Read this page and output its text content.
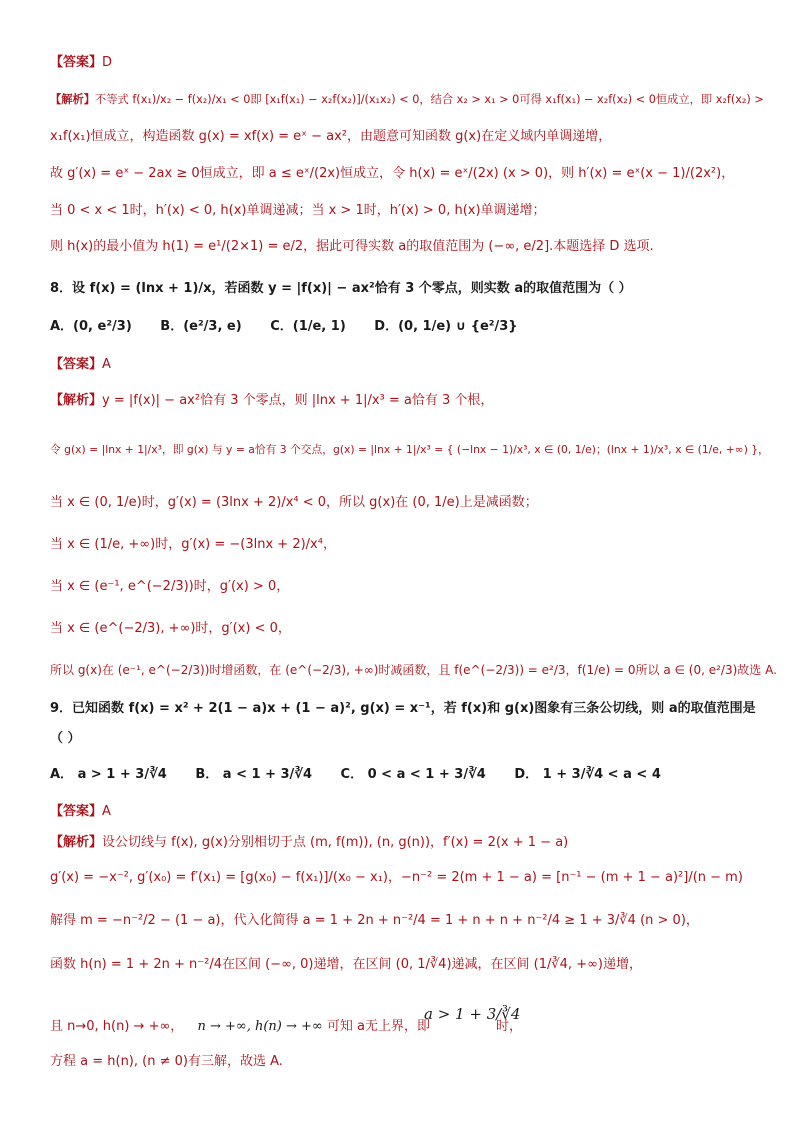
【答案】D
【解析】不等式 f(x₁)/x₂ − f(x₂)/x₁ < 0即 [x₁f(x₁) − x₂f(x₂)]/(x₁x₂) < 0，结合 x₂ > x₁ > 0可得 x₁f(x₁) − x₂f(x₂) < 0恒成立，即 x₂f(x₂) >
x₁f(x₁)恒成立，构造函数 g(x) = xf(x) = eˣ − ax²，由题意可知函数 g(x)在定义域内单调递增，
故 g′(x) = eˣ − 2ax ≥ 0恒成立，即 a ≤ eˣ/(2x)恒成立，令 h(x) = eˣ/(2x) (x > 0)，则 h′(x) = eˣ(x − 1)/(2x²)，
当 0 < x < 1时，h′(x) < 0, h(x)单调递减；当 x > 1时，h′(x) > 0, h(x)单调递增；
则 h(x)的最小值为 h(1) = e¹/(2×1) = e/2，据此可得实数 a的取值范围为 (−∞, e/2].本题选择 D 选项.
8．设 f(x) = (lnx + 1)/x，若函数 y = |f(x)| − ax²恰有 3 个零点，则实数 a的取值范围为（ ）
A．(0, e²/3) B．(e²/3, e) C．(1/e, 1) D．(0, 1/e) ∪ {e²/3}
【答案】A
【解析】y = |f(x)| − ax²恰有 3 个零点，则 |lnx + 1|/x³ = a恰有 3 个根，
令 g(x) = |lnx + 1|/x³，即 g(x) 与 y = a恰有 3 个交点，g(x) = |lnx + 1|/x³ = { (−lnx − 1)/x³, x ∈ (0, 1/e)；(lnx + 1)/x³, x ∈ (1/e, +∞) }，
当 x ∈ (0, 1/e)时，g′(x) = (3lnx + 2)/x⁴ < 0，所以 g(x)在 (0, 1/e)上是减函数；
当 x ∈ (1/e, +∞)时，g′(x) = −(3lnx + 2)/x⁴，
当 x ∈ (e⁻¹, e^(−2/3))时，g′(x) > 0，
当 x ∈ (e^(−2/3), +∞)时，g′(x) < 0，
所以 g(x)在 (e⁻¹, e^(−2/3))时增函数，在 (e^(−2/3), +∞)时减函数，且 f(e^(−2/3)) = e²/3，f(1/e) = 0所以 a ∈ (0, e²/3)故选 A.
9．已知函数 f(x) = x² + 2(1 − a)x + (1 − a)², g(x) = x⁻¹，若 f(x)和 g(x)图象有三条公切线，则 a的取值范围是
（ ）
A． a > 1 + 3/∛4 B． a < 1 + 3/∛4 C． 0 < a < 1 + 3/∛4 D． 1 + 3/∛4 < a < 4
【答案】A
【解析】设公切线与 f(x), g(x)分别相切于点 (m, f(m)), (n, g(n))，f′(x) = 2(x + 1 − a)
g′(x) = −x⁻², g′(x₀) = f′(x₁) = [g(x₀) − f(x₁)]/(x₀ − x₁)，−n⁻² = 2(m + 1 − a) = [n⁻¹ − (m + 1 − a)²]/(n − m)
解得 m = −n⁻²/2 − (1 − a)，代入化简得 a = 1 + 2n + n⁻²/4 = 1 + n + n + n⁻²/4 ≥ 1 + 3/∛4 (n > 0)，
函数 h(n) = 1 + 2n + n⁻²/4在区间 (−∞, 0)递增，在区间 (0, 1/∛4)递减，在区间 (1/∛4, +∞)递增，
且 n→0, h(n) → +∞， n → +∞, h(n) → +∞ 可知 a无上界，即
a > 1 + 3/∛4
时，
方程 a = h(n), (n ≠ 0)有三解，故选 A.
